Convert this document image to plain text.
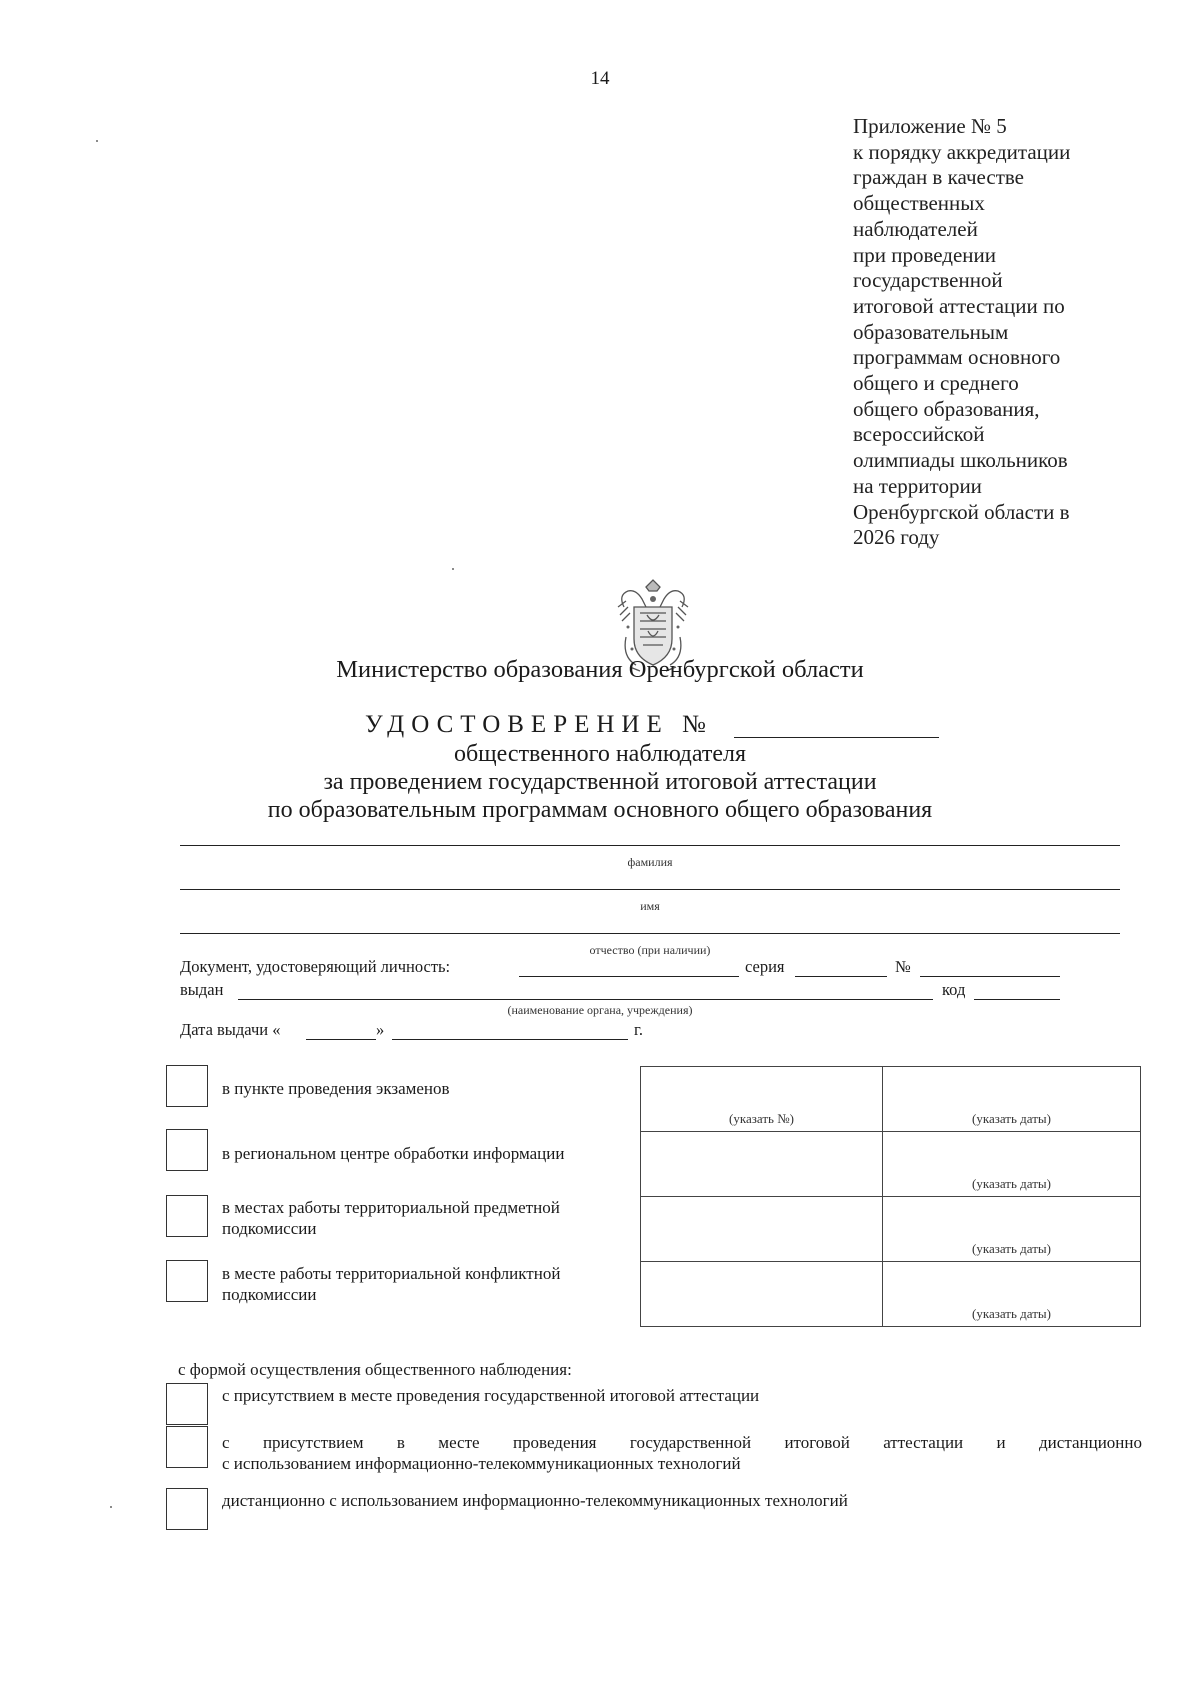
14
Приложение № 5
к порядку аккредитации
граждан в качестве
общественных
наблюдателей
при проведении
государственной
итоговой аттестации по
образовательным
программам основного
общего и среднего
общего образования,
всероссийской
олимпиады школьников
на территории
Оренбургской области в
2026 году
Министерство образования Оренбургской области
УДОСТОВЕРЕНИЕ №
общественного наблюдателя
за проведением государственной итоговой аттестации
по образовательным программам основного общего образования
фамилия
имя
отчество (при наличии)
Документ, удостоверяющий личность:	серия	№
выдан	код
(наименование органа, учреждения)
Дата выдачи «	»	г.
в пункте проведения экзаменов
в региональном центре обработки информации
в местах работы территориальной предметной подкомиссии
в месте работы территориальной конфликтной подкомиссии
(указать №)	(указать даты)

	(указать даты)

	(указать даты)

	(указать даты)
с формой осуществления общественного наблюдения:
с присутствием в месте проведения государственной итоговой аттестации
с присутствием в месте проведения государственной итоговой аттестации и дистанционно
с использованием информационно-телекоммуникационных технологий
дистанционно с использованием информационно-телекоммуникационных технологий
